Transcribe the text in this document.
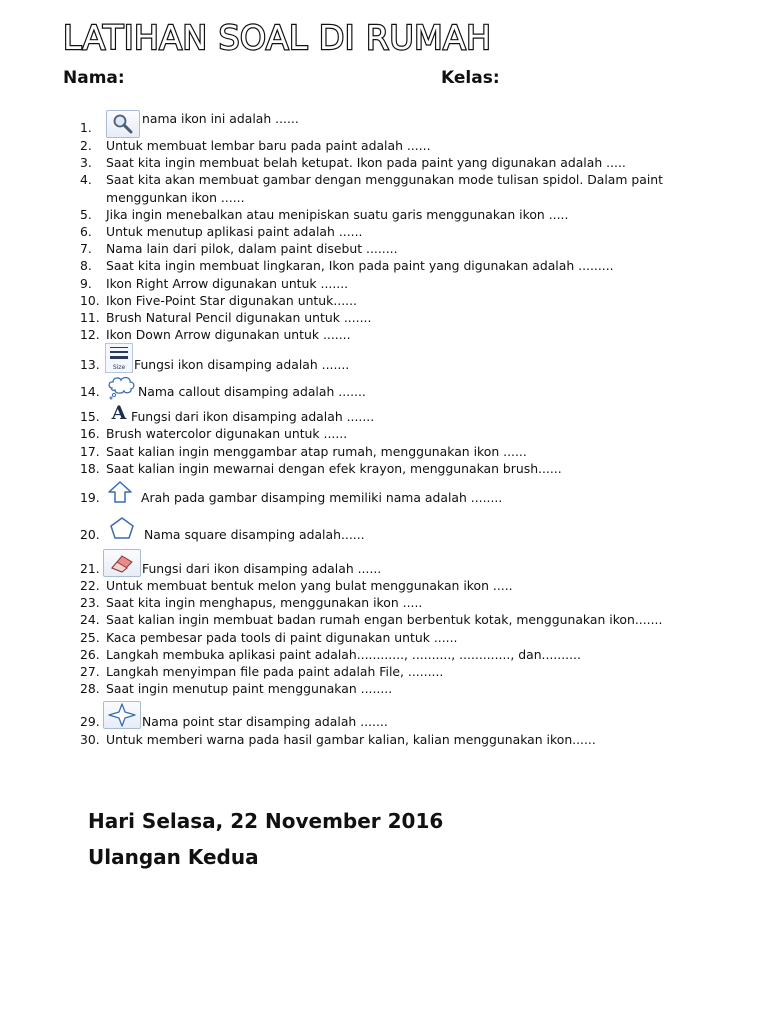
LATIHAN SOAL DI RUMAH
Nama:	Kelas:
1.
nama ikon ini adalah ......
2. Untuk membuat lembar baru pada paint adalah ......
3. Saat kita ingin membuat belah ketupat. Ikon pada paint yang digunakan adalah .....
4. Saat kita akan membuat gambar dengan menggunakan mode tulisan spidol. Dalam paint menggunkan ikon ......
5. Jika ingin menebalkan atau menipiskan suatu garis menggunakan ikon .....
6. Untuk menutup aplikasi paint adalah ......
7. Nama lain dari pilok, dalam paint disebut ........
8. Saat kita ingin membuat lingkaran, Ikon pada paint yang digunakan adalah .........
9. Ikon Right Arrow digunakan untuk .......
10. Ikon Five-Point Star digunakan untuk......
11. Brush Natural Pencil digunakan untuk .......
12. Ikon Down Arrow digunakan untuk .......
13. Size Fungsi ikon disamping adalah .......
14.	Nama callout disamping adalah .......
15. A Fungsi dari ikon disamping adalah .......
16. Brush watercolor digunakan untuk ......
17. Saat kalian ingin menggambar atap rumah, menggunakan ikon ......
18. Saat kalian ingin mewarnai dengan efek krayon, menggunakan brush......
19.	Arah pada gambar disamping memiliki nama adalah ........
20.	Nama square disamping adalah......
21.	Fungsi dari ikon disamping adalah ......
22. Untuk membuat bentuk melon yang bulat menggunakan ikon .....
23. Saat kita ingin menghapus, menggunakan ikon .....
24. Saat kalian ingin membuat badan rumah engan berbentuk kotak, menggunakan ikon.......
25. Kaca pembesar pada tools di paint digunakan untuk ......
26. Langkah membuka aplikasi paint adalah............, .........., ............., dan..........
27. Langkah menyimpan file pada paint adalah File, .........
28. Saat ingin menutup paint menggunakan ........
29.	Nama point star disamping adalah .......
30. Untuk memberi warna pada hasil gambar kalian, kalian menggunakan ikon......
Hari Selasa, 22 November 2016
Ulangan Kedua
